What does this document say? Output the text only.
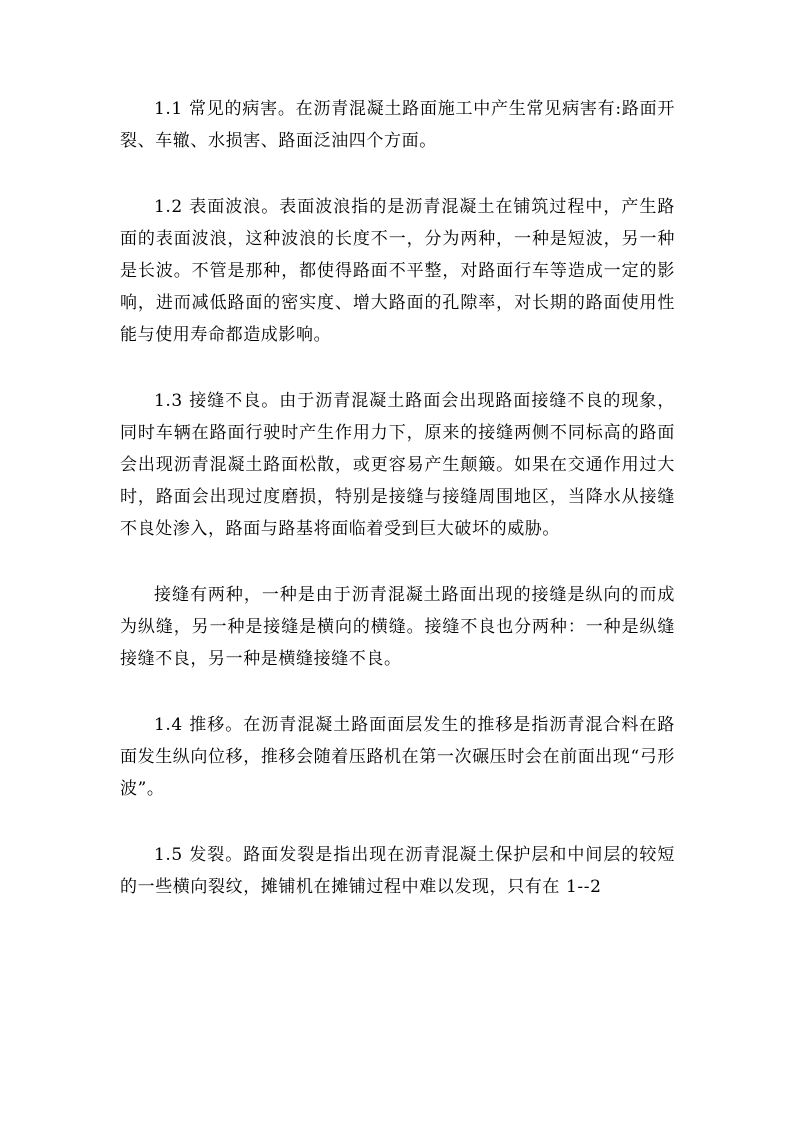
1.1 常见的病害。在沥青混凝土路面施工中产生常见病害有:路面开裂、车辙、水损害、路面泛油四个方面。

1.2 表面波浪。表面波浪指的是沥青混凝土在铺筑过程中，产生路面的表面波浪，这种波浪的长度不一，分为两种，一种是短波，另一种是长波。不管是那种，都使得路面不平整，对路面行车等造成一定的影响，进而减低路面的密实度、增大路面的孔隙率，对长期的路面使用性能与使用寿命都造成影响。

1.3 接缝不良。由于沥青混凝土路面会出现路面接缝不良的现象，同时车辆在路面行驶时产生作用力下，原来的接缝两侧不同标高的路面会出现沥青混凝土路面松散，或更容易产生颠簸。如果在交通作用过大时，路面会出现过度磨损，特别是接缝与接缝周围地区，当降水从接缝不良处渗入，路面与路基将面临着受到巨大破坏的威胁。

接缝有两种，一种是由于沥青混凝土路面出现的接缝是纵向的而成为纵缝，另一种是接缝是横向的横缝。接缝不良也分两种：一种是纵缝接缝不良，另一种是横缝接缝不良。

1.4 推移。在沥青混凝土路面面层发生的推移是指沥青混合料在路面发生纵向位移，推移会随着压路机在第一次碾压时会在前面出现“弓形波”。

1.5 发裂。路面发裂是指出现在沥青混凝土保护层和中间层的较短的一些横向裂纹，摊铺机在摊铺过程中难以发现，只有在 1--2
